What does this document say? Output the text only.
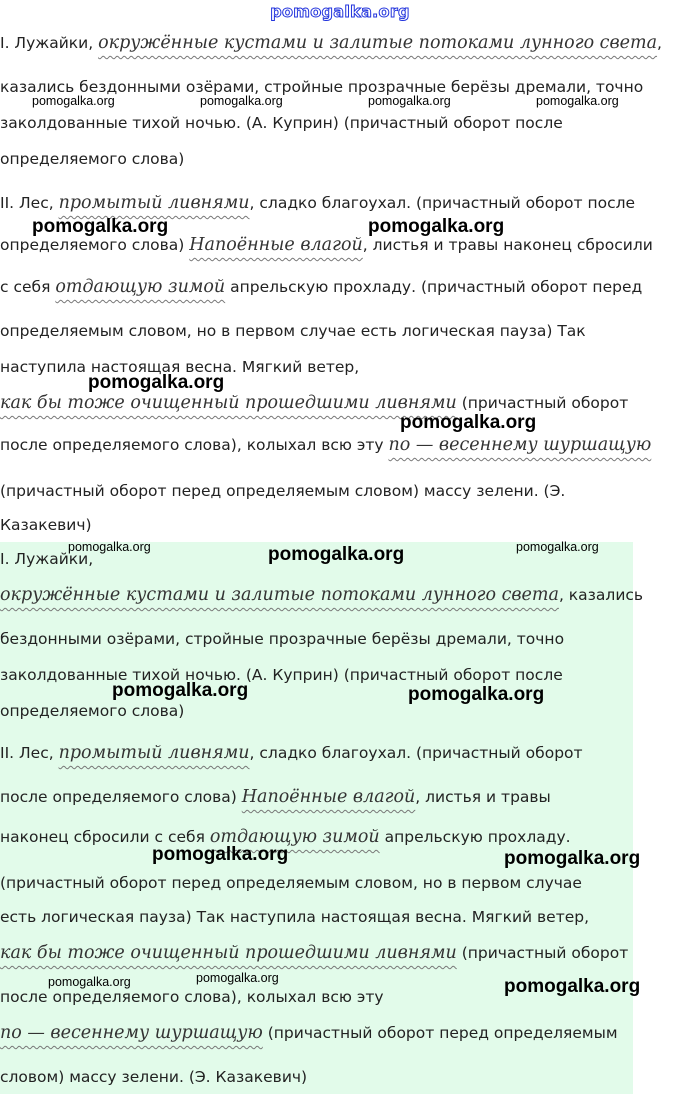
pomogalka.org
I. Лужайки, окружённые кустами и залитые потоками лунного света,
казались бездонными озёрами, стройные прозрачные берёзы дремали, точно
заколдованные тихой ночью. (А. Куприн) (причастный оборот после
определяемого слова)
II. Лес, промытый ливнями, сладко благоухал. (причастный оборот после
определяемого слова) Напоённые влагой, листья и травы наконец сбросили
с себя отдающую зимой апрельскую прохладу. (причастный оборот перед
определяемым словом, но в первом случае есть логическая пауза) Так
наступила настоящая весна. Мягкий ветер,
как бы тоже очищенный прошедшими ливнями (причастный оборот
после определяемого слова), колыхал всю эту по — весеннему шуршащую
(причастный оборот перед определяемым словом) массу зелени. (Э.
Казакевич)
I. Лужайки,
окружённые кустами и залитые потоками лунного света, казались
бездонными озёрами, стройные прозрачные берёзы дремали, точно
заколдованные тихой ночью. (А. Куприн) (причастный оборот после
определяемого слова)
II. Лес, промытый ливнями, сладко благоухал. (причастный оборот
после определяемого слова) Напоённые влагой, листья и травы
наконец сбросили с себя отдающую зимой апрельскую прохладу.
(причастный оборот перед определяемым словом, но в первом случае
есть логическая пауза) Так наступила настоящая весна. Мягкий ветер,
как бы тоже очищенный прошедшими ливнями (причастный оборот
после определяемого слова), колыхал всю эту
по — весеннему шуршащую (причастный оборот перед определяемым
словом) массу зелени. (Э. Казакевич)
pomogalka.org	pomogalka.org	pomogalka.org	pomogalka.org
pomogalka.org	pomogalka.org
pomogalka.org
pomogalka.org
pomogalka.org	pomogalka.org	pomogalka.org
pomogalka.org	pomogalka.org
pomogalka.org	pomogalka.org
pomogalka.org	pomogalka.org	pomogalka.org
